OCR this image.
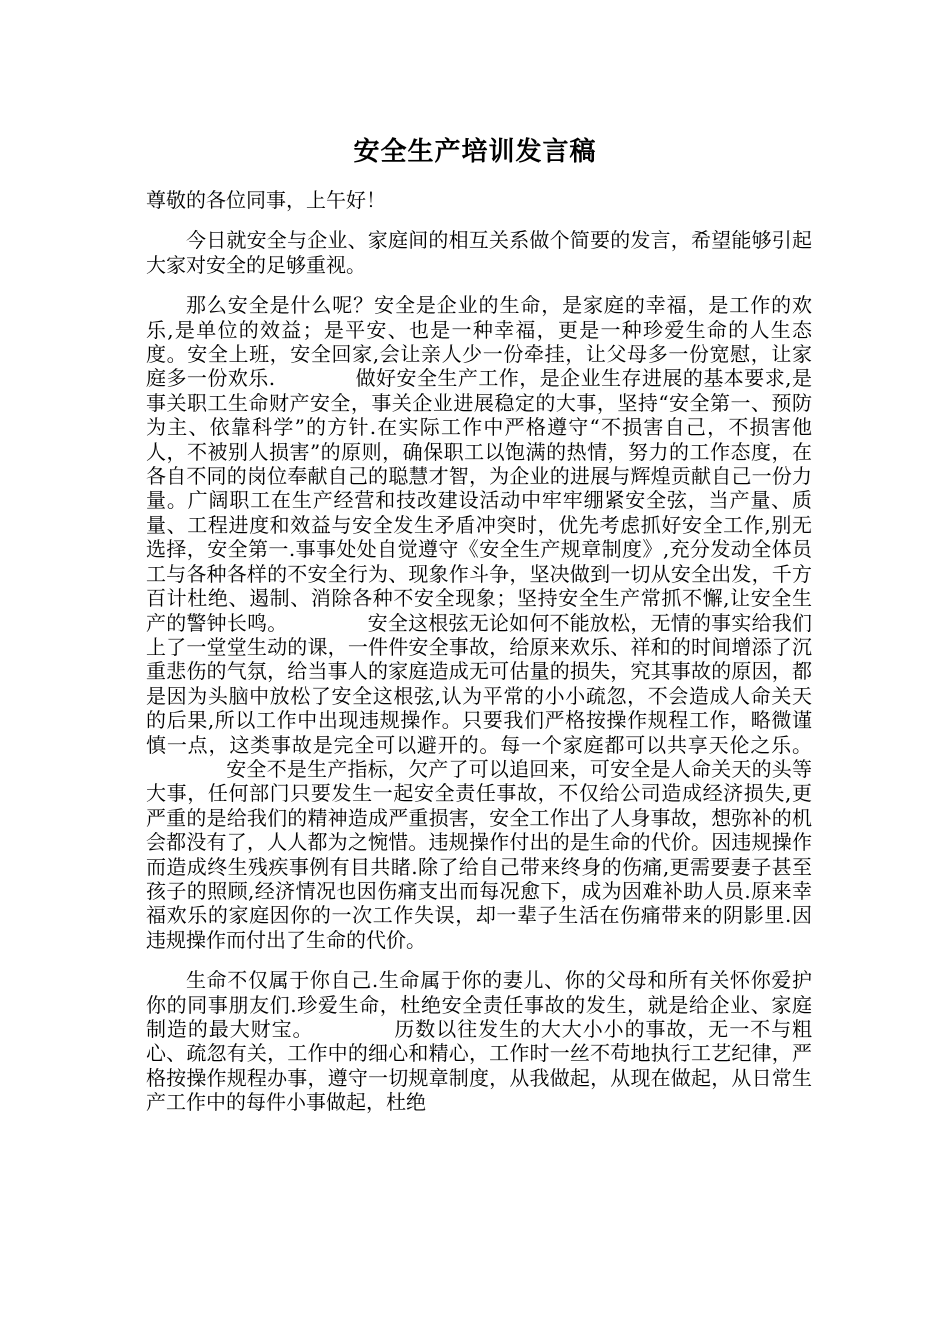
安全生产培训发言稿

尊敬的各位同事，上午好！

今日就安全与企业、家庭间的相互关系做个简要的发言，希望能够引起大家对安全的足够重视。

那么安全是什么呢？安全是企业的生命，是家庭的幸福，是工作的欢乐,是单位的效益；是平安、也是一种幸福，更是一种珍爱生命的人生态度。安全上班，安全回家,会让亲人少一份牵挂，让父母多一份宽慰，让家庭多一份欢乐.	做好安全生产工作，是企业生存进展的基本要求,是事关职工生命财产安全，事关企业进展稳定的大事，坚持“安全第一、预防为主、依靠科学”的方针.在实际工作中严格遵守“不损害自己，不损害他人，不被别人损害”的原则，确保职工以饱满的热情，努力的工作态度，在各自不同的岗位奉献自己的聪慧才智，为企业的进展与辉煌贡献自己一份力量。广阔职工在生产经营和技改建设活动中牢牢绷紧安全弦，当产量、质量、工程进度和效益与安全发生矛盾冲突时，优先考虑抓好安全工作,别无选择，安全第一.事事处处自觉遵守《安全生产规章制度》,充分发动全体员工与各种各样的不安全行为、现象作斗争，坚决做到一切从安全出发，千方百计杜绝、遏制、消除各种不安全现象；坚持安全生产常抓不懈,让安全生产的警钟长鸣。	安全这根弦无论如何不能放松，无情的事实给我们上了一堂堂生动的课，一件件安全事故，给原来欢乐、祥和的时间增添了沉重悲伤的气氛，给当事人的家庭造成无可估量的损失，究其事故的原因，都是因为头脑中放松了安全这根弦,认为平常的小小疏忽，不会造成人命关天的后果,所以工作中出现违规操作。只要我们严格按操作规程工作，略微谨慎一点，这类事故是完全可以避开的。每一个家庭都可以共享天伦之乐。安全不是生产指标，欠产了可以追回来，可安全是人命关天的头等大事，任何部门只要发生一起安全责任事故，不仅给公司造成经济损失,更严重的是给我们的精神造成严重损害，安全工作出了人身事故，想弥补的机会都没有了，人人都为之惋惜。违规操作付出的是生命的代价。因违规操作而造成终生残疾事例有目共睹.除了给自己带来终身的伤痛,更需要妻子甚至孩子的照顾,经济情况也因伤痛支出而每况愈下，成为因难补助人员.原来幸福欢乐的家庭因你的一次工作失误，却一辈子生活在伤痛带来的阴影里.因违规操作而付出了生命的代价。

生命不仅属于你自己.生命属于你的妻儿、你的父母和所有关怀你爱护你的同事朋友们.珍爱生命，杜绝安全责任事故的发生，就是给企业、家庭制造的最大财宝。	历数以往发生的大大小小的事故，无一不与粗心、疏忽有关，工作中的细心和精心，工作时一丝不苟地执行工艺纪律，严格按操作规程办事，遵守一切规章制度，从我做起，从现在做起，从日常生产工作中的每件小事做起，杜绝
